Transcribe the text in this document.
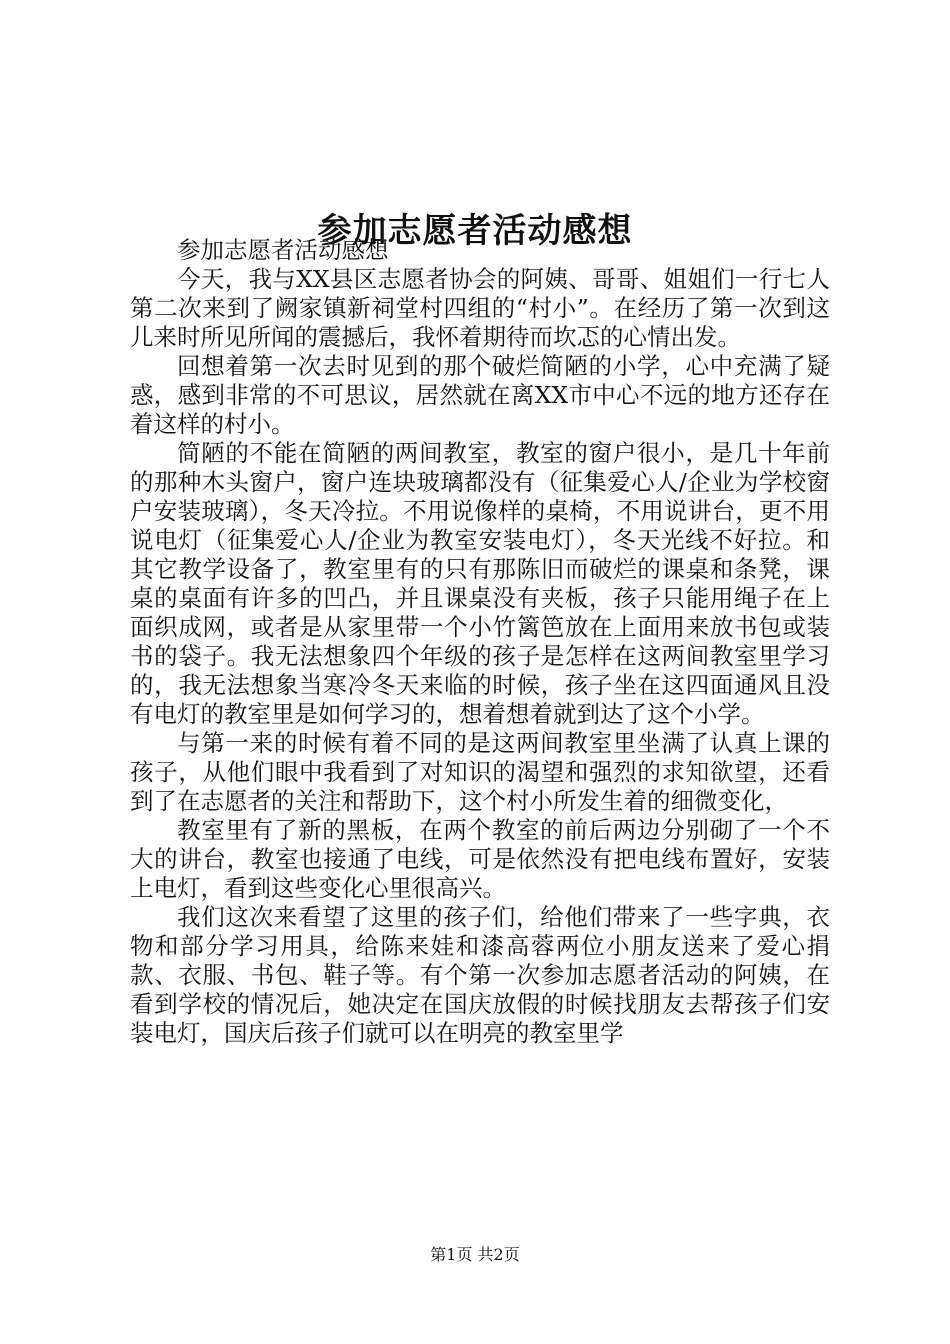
参加志愿者活动感想

参加志愿者活动感想

今天，我与XX县区志愿者协会的阿姨、哥哥、姐姐们一行七人第二次来到了阙家镇新祠堂村四组的“村小”。在经历了第一次到这儿来时所见所闻的震撼后，我怀着期待而坎忑的心情出发。

回想着第一次去时见到的那个破烂简陋的小学，心中充满了疑惑，感到非常的不可思议，居然就在离XX市中心不远的地方还存在着这样的村小。

简陋的不能在简陋的两间教室，教室的窗户很小，是几十年前的那种木头窗户，窗户连块玻璃都没有（征集爱心人/企业为学校窗户安装玻璃），冬天冷拉。不用说像样的桌椅，不用说讲台，更不用说电灯（征集爱心人/企业为教室安装电灯），冬天光线不好拉。和其它教学设备了，教室里有的只有那陈旧而破烂的课桌和条凳，课桌的桌面有许多的凹凸，并且课桌没有夹板，孩子只能用绳子在上面织成网，或者是从家里带一个小竹篱笆放在上面用来放书包或装书的袋子。我无法想象四个年级的孩子是怎样在这两间教室里学习的，我无法想象当寒冷冬天来临的时候，孩子坐在这四面通风且没有电灯的教室里是如何学习的，想着想着就到达了这个小学。

与第一来的时候有着不同的是这两间教室里坐满了认真上课的孩子，从他们眼中我看到了对知识的渴望和强烈的求知欲望，还看到了在志愿者的关注和帮助下，这个村小所发生着的细微变化，

教室里有了新的黑板，在两个教室的前后两边分别砌了一个不大的讲台，教室也接通了电线，可是依然没有把电线布置好，安装上电灯，看到这些变化心里很高兴。

我们这次来看望了这里的孩子们，给他们带来了一些字典，衣物和部分学习用具，给陈来娃和漆高蓉两位小朋友送来了爱心捐款、衣服、书包、鞋子等。有个第一次参加志愿者活动的阿姨，在看到学校的情况后，她决定在国庆放假的时候找朋友去帮孩子们安装电灯，国庆后孩子们就可以在明亮的教室里学

第1页 共2页
